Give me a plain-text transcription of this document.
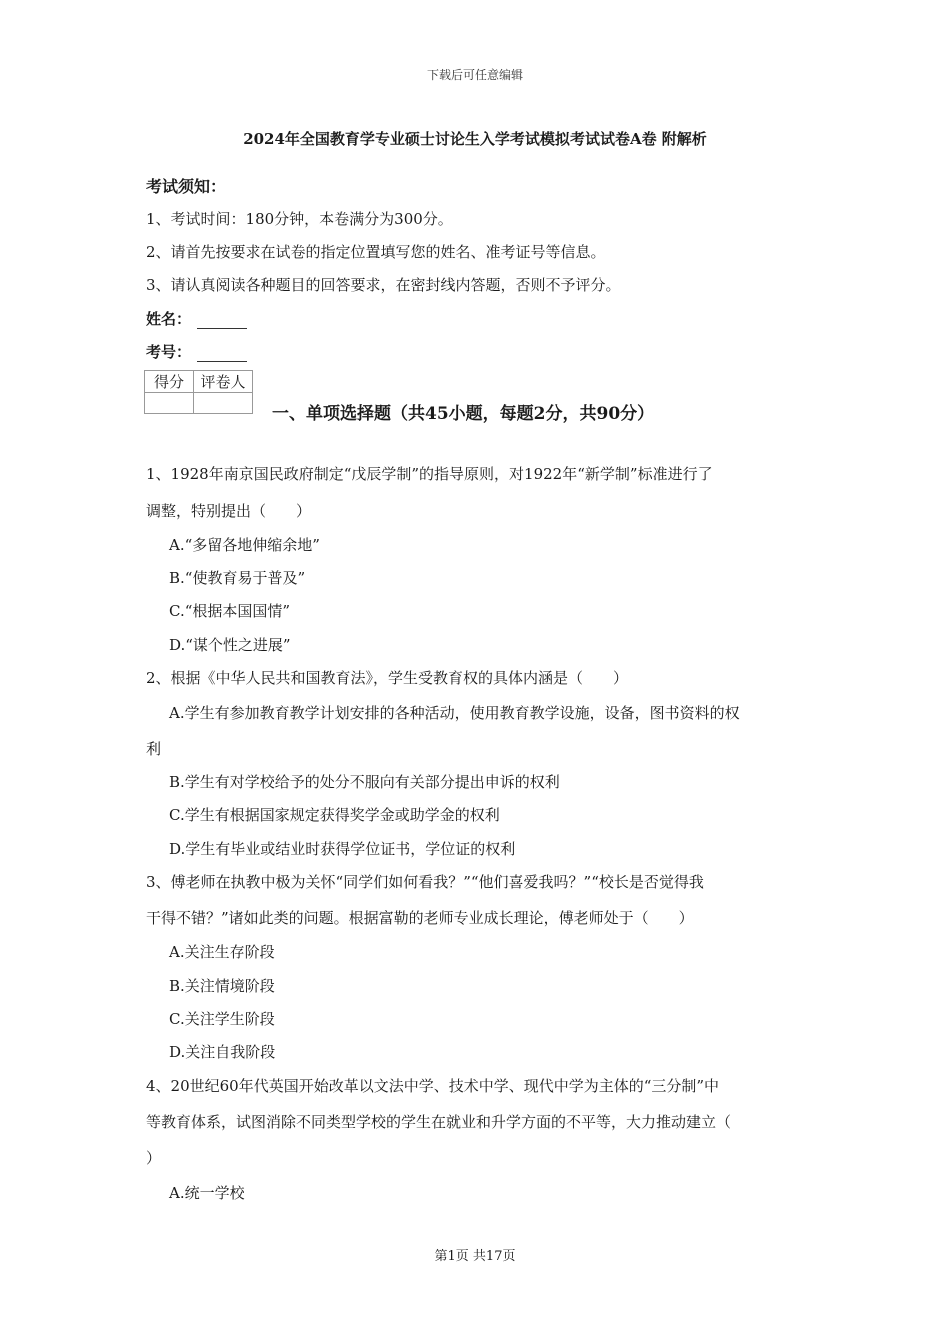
下载后可任意编辑
2024年全国教育学专业硕士讨论生入学考试模拟考试试卷A卷 附解析
考试须知：
1、考试时间：180分钟，本卷满分为300分。
2、请首先按要求在试卷的指定位置填写您的姓名、准考证号等信息。
3、请认真阅读各种题目的回答要求，在密封线内答题，否则不予评分。
姓名：
考号：
得分	评卷人

一、单项选择题（共45小题，每题2分，共90分）
1、1928年南京国民政府制定“戊辰学制”的指导原则，对1922年“新学制”标准进行了
调整，特别提出（　　）
A.“多留各地伸缩余地”
B.“使教育易于普及”
C.“根据本国国情”
D.“谋个性之进展”
2、根据《中华人民共和国教育法》，学生受教育权的具体内涵是（　　）
A.学生有参加教育教学计划安排的各种活动，使用教育教学设施，设备，图书资料的权
利
B.学生有对学校给予的处分不服向有关部分提出申诉的权利
C.学生有根据国家规定获得奖学金或助学金的权利
D.学生有毕业或结业时获得学位证书，学位证的权利
3、傅老师在执教中极为关怀“同学们如何看我？”“他们喜爱我吗？”“校长是否觉得我
干得不错？”诸如此类的问题。根据富勒的老师专业成长理论，傅老师处于（　　）
A.关注生存阶段
B.关注情境阶段
C.关注学生阶段
D.关注自我阶段
4、20世纪60年代英国开始改革以文法中学、技术中学、现代中学为主体的“三分制”中
等教育体系，试图消除不同类型学校的学生在就业和升学方面的不平等，大力推动建立（
）
A.统一学校
第1页 共17页
